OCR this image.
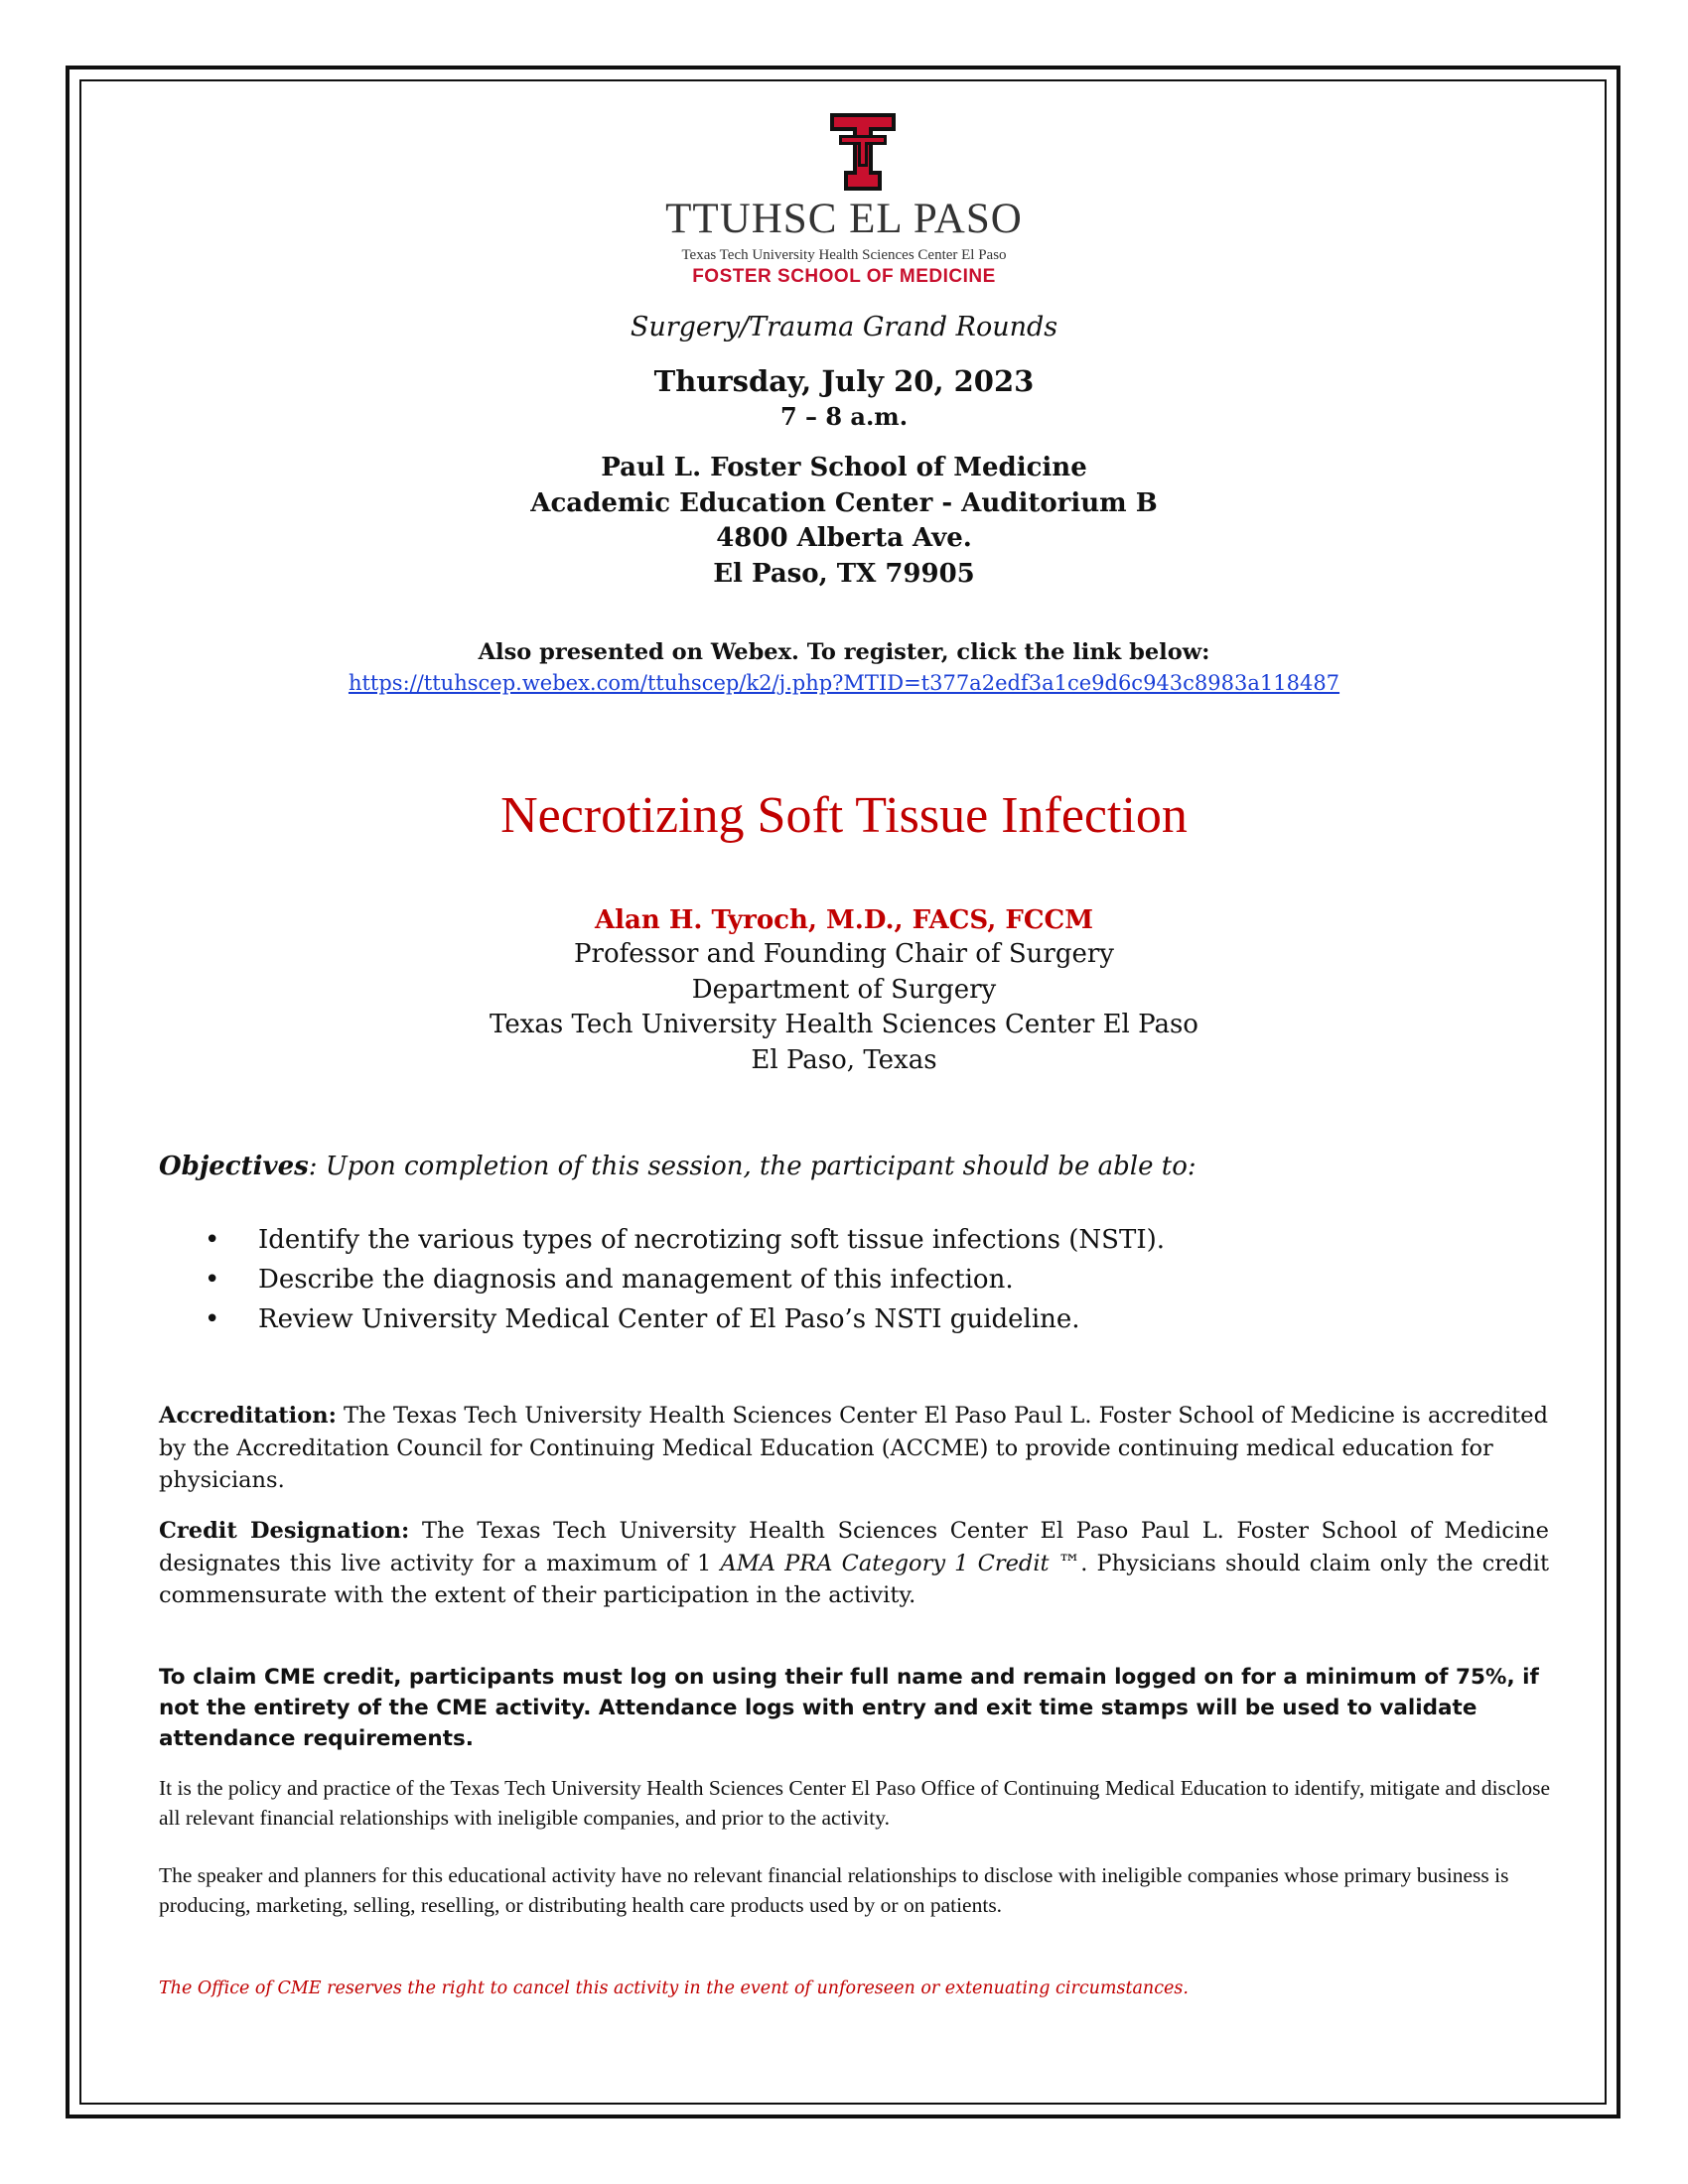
TTUHSC EL PASO
Texas Tech University Health Sciences Center El Paso
FOSTER SCHOOL OF MEDICINE
Surgery/Trauma Grand Rounds
Thursday, July 20, 2023
7 – 8 a.m.
Paul L. Foster School of Medicine
Academic Education Center - Auditorium B
4800 Alberta Ave.
El Paso, TX 79905
Also presented on Webex. To register, click the link below:
https://ttuhscep.webex.com/ttuhscep/k2/j.php?MTID=t377a2edf3a1ce9d6c943c8983a118487
Necrotizing Soft Tissue Infection
Alan H. Tyroch, M.D., FACS, FCCM
Professor and Founding Chair of Surgery
Department of Surgery
Texas Tech University Health Sciences Center El Paso
El Paso, Texas
Objectives: Upon completion of this session, the participant should be able to:
• Identify the various types of necrotizing soft tissue infections (NSTI).
• Describe the diagnosis and management of this infection.
• Review University Medical Center of El Paso’s NSTI guideline.
Accreditation: The Texas Tech University Health Sciences Center El Paso Paul L. Foster School of Medicine is accredited by the Accreditation Council for Continuing Medical Education (ACCME) to provide continuing medical education for physicians.
Credit Designation: The Texas Tech University Health Sciences Center El Paso Paul L. Foster School of Medicine designates this live activity for a maximum of 1 AMA PRA Category 1 Credit ™. Physicians should claim only the credit commensurate with the extent of their participation in the activity.
To claim CME credit, participants must log on using their full name and remain logged on for a minimum of 75%, if not the entirety of the CME activity. Attendance logs with entry and exit time stamps will be used to validate attendance requirements.
It is the policy and practice of the Texas Tech University Health Sciences Center El Paso Office of Continuing Medical Education to identify, mitigate and disclose all relevant financial relationships with ineligible companies, and prior to the activity.
The speaker and planners for this educational activity have no relevant financial relationships to disclose with ineligible companies whose primary business is producing, marketing, selling, reselling, or distributing health care products used by or on patients.
The Office of CME reserves the right to cancel this activity in the event of unforeseen or extenuating circumstances.
